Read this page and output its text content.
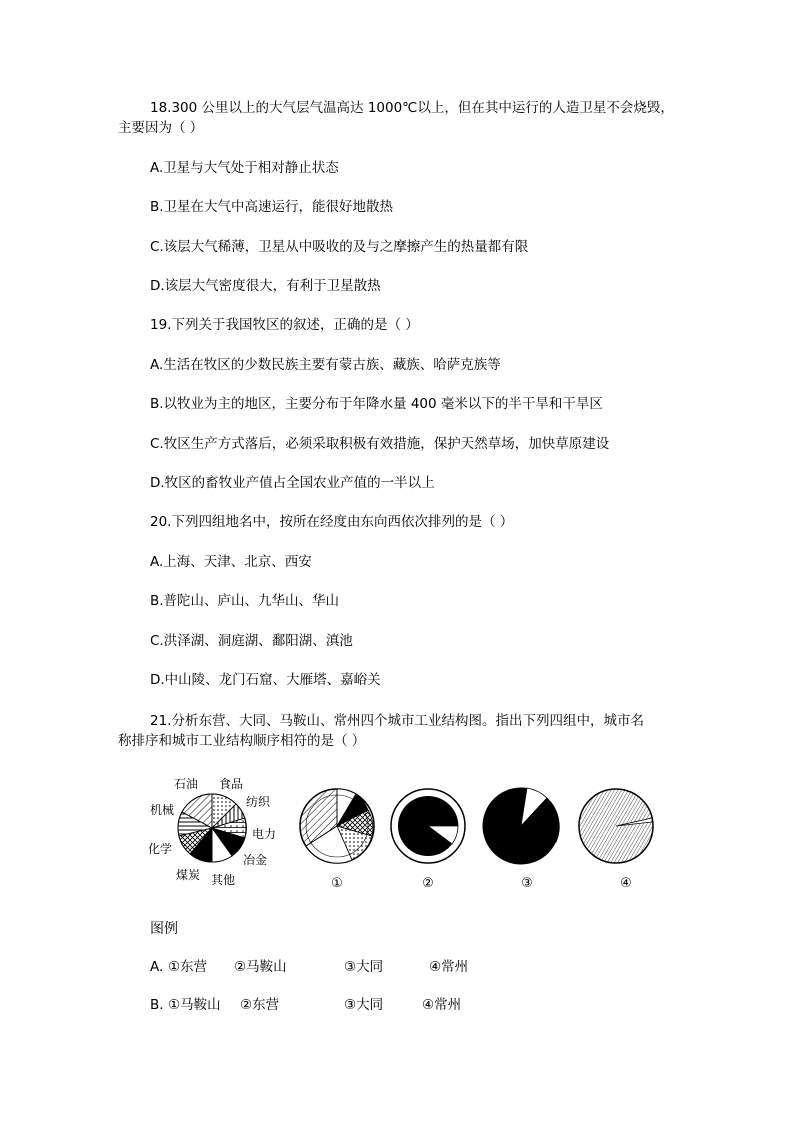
18.300 公里以上的大气层气温高达 1000℃以上，但在其中运行的人造卫星不会烧毁，
主要因为（ ）
A.卫星与大气处于相对静止状态
B.卫星在大气中高速运行，能很好地散热
C.该层大气稀薄，卫星从中吸收的及与之摩擦产生的热量都有限
D.该层大气密度很大，有利于卫星散热
19.下列关于我国牧区的叙述，正确的是（ ）
A.生活在牧区的少数民族主要有蒙古族、藏族、哈萨克族等
B.以牧业为主的地区，主要分布于年降水量 400 毫米以下的半干旱和干旱区
C.牧区生产方式落后，必须采取积极有效措施，保护天然草场，加快草原建设
D.牧区的畜牧业产值占全国农业产值的一半以上
20.下列四组地名中，按所在经度由东向西依次排列的是（ ）
A.上海、天津、北京、西安
B.普陀山、庐山、九华山、华山
C.洪泽湖、洞庭湖、鄱阳湖、滇池
D.中山陵、龙门石窟、大雁塔、嘉峪关
21.分析东营、大同、马鞍山、常州四个城市工业结构图。指出下列四组中，城市名
称排序和城市工业结构顺序相符的是（ ）
石油 食品
纺织
机械
电力
化学
冶金
煤炭 其他	①	②	③	④
图例
A. ①东营 ②马鞍山	③大同	④常州
B. ①马鞍山 ②东营	③大同	④常州
